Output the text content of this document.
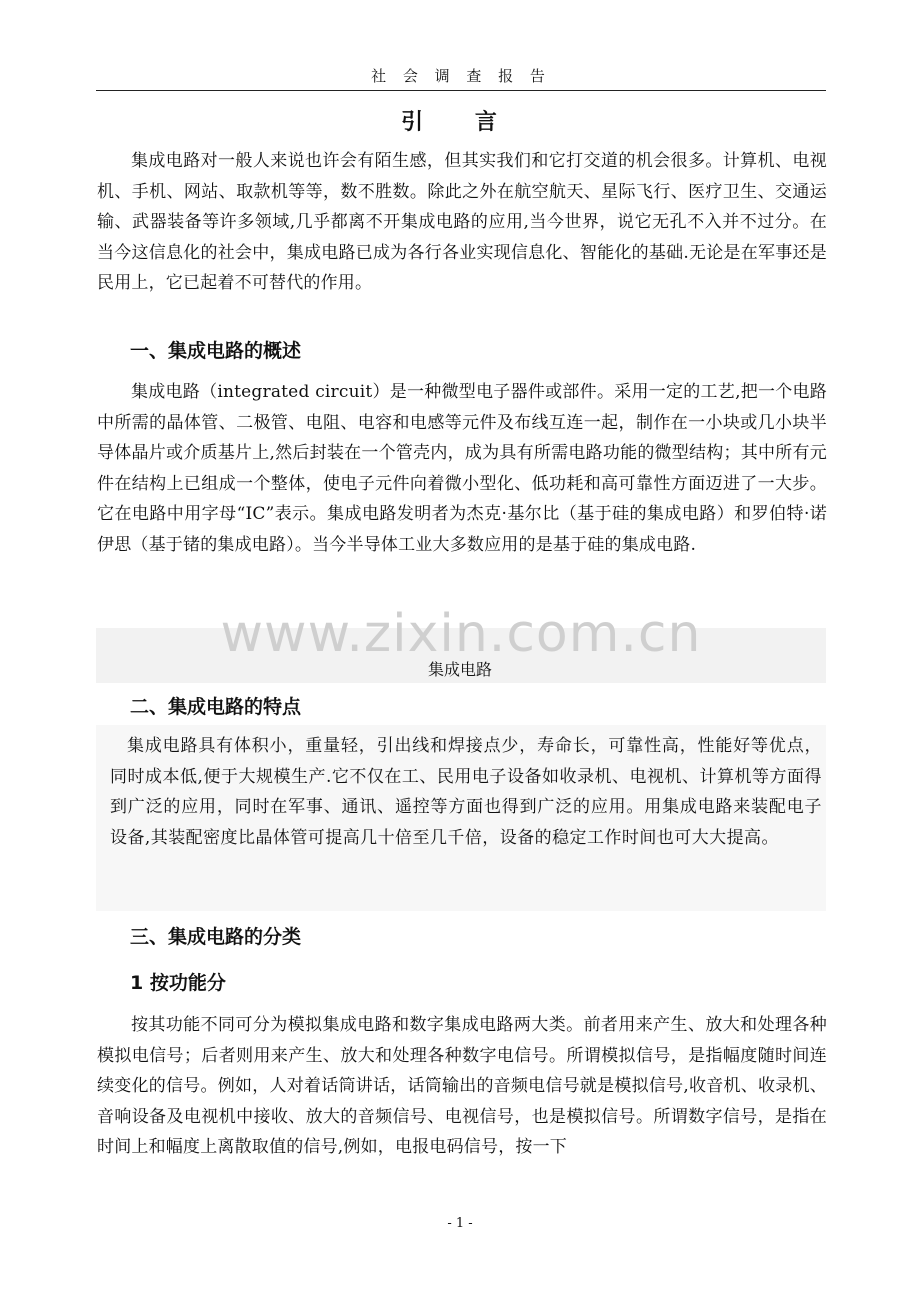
社 会 调 查 报 告
引 言

集成电路对一般人来说也许会有陌生感，但其实我们和它打交道的机会很多。计算机、电视机、手机、网站、取款机等等，数不胜数。除此之外在航空航天、星际飞行、医疗卫生、交通运输、武器装备等许多领域,几乎都离不开集成电路的应用,当今世界，说它无孔不入并不过分。在当今这信息化的社会中，集成电路已成为各行各业实现信息化、智能化的基础.无论是在军事还是民用上，它已起着不可替代的作用。

一、集成电路的概述

集成电路（integrated circuit）是一种微型电子器件或部件。采用一定的工艺,把一个电路中所需的晶体管、二极管、电阻、电容和电感等元件及布线互连一起，制作在一小块或几小块半导体晶片或介质基片上,然后封装在一个管壳内，成为具有所需电路功能的微型结构；其中所有元件在结构上已组成一个整体，使电子元件向着微小型化、低功耗和高可靠性方面迈进了一大步。它在电路中用字母“IC”表示。集成电路发明者为杰克·基尔比（基于硅的集成电路）和罗伯特·诺伊思（基于锗的集成电路）。当今半导体工业大多数应用的是基于硅的集成电路.

www.zixin.com.cn
集成电路
二、集成电路的特点

集成电路具有体积小，重量轻，引出线和焊接点少，寿命长，可靠性高，性能好等优点，同时成本低,便于大规模生产.它不仅在工、民用电子设备如收录机、电视机、计算机等方面得到广泛的应用，同时在军事、通讯、遥控等方面也得到广泛的应用。用集成电路来装配电子设备,其装配密度比晶体管可提高几十倍至几千倍，设备的稳定工作时间也可大大提高。

三、集成电路的分类
1 按功能分

按其功能不同可分为模拟集成电路和数字集成电路两大类。前者用来产生、放大和处理各种模拟电信号；后者则用来产生、放大和处理各种数字电信号。所谓模拟信号，是指幅度随时间连续变化的信号。例如，人对着话筒讲话，话筒输出的音频电信号就是模拟信号,收音机、收录机、音响设备及电视机中接收、放大的音频信号、电视信号，也是模拟信号。所谓数字信号，是指在时间上和幅度上离散取值的信号,例如，电报电码信号，按一下

- 1 -
